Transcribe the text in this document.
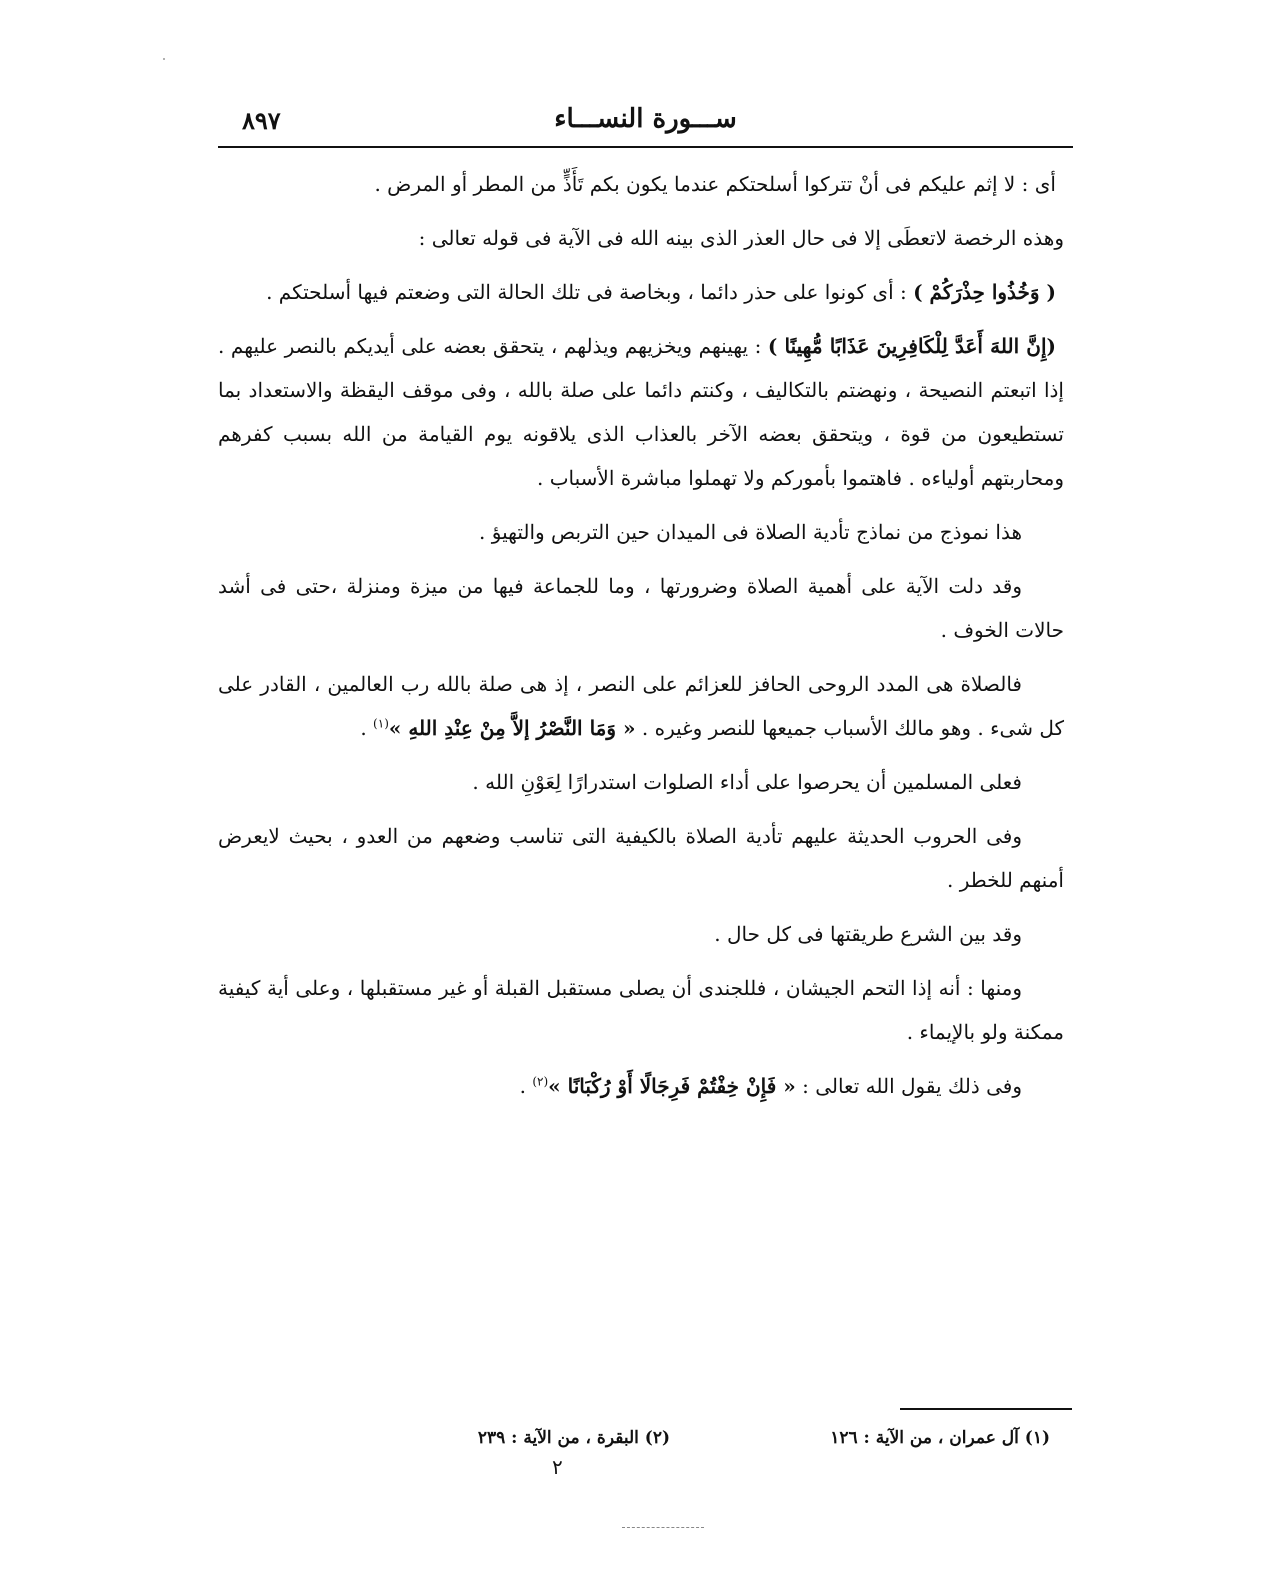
٨٩٧	ســـورة النســـاء

أى : لا إثم عليكم فى أنْ تتركوا أسلحتكم عندما يكون بكم تَأَذٍّ من المطر أو المرض .

وهذه الرخصة لاتعطَى إلا فى حال العذر الذى بينه الله فى الآية فى قوله تعالى :

( وَخُذُوا حِذْرَكُمْ ) : أى كونوا على حذر دائما ، وبخاصة فى تلك الحالة التى وضعتم فيها أسلحتكم .

(إِنَّ اللهَ أَعَدَّ لِلْكَافِرِينَ عَذَابًا مُّهِينًا ) : يهينهم ويخزيهم ويذلهم ، يتحقق بعضه على أيديكم بالنصر عليهم . إذا اتبعتم النصيحة ، ونهضتم بالتكاليف ، وكنتم دائما على صلة بالله ، وفى موقف اليقظة والاستعداد بما تستطيعون من قوة ، ويتحقق بعضه الآخر بالعذاب الذى يلاقونه يوم القيامة من الله بسبب كفرهم ومحاربتهم أولياءه . فاهتموا بأموركم ولا تهملوا مباشرة الأسباب .

هذا نموذج من نماذج تأدية الصلاة فى الميدان حين التربص والتهيؤ .

وقد دلت الآية على أهمية الصلاة وضرورتها ، وما للجماعة فيها من ميزة ومنزلة ،حتى فى أشد حالات الخوف .

فالصلاة هى المدد الروحى الحافز للعزائم على النصر ، إذ هى صلة بالله رب العالمين ، القادر على كل شىء . وهو مالك الأسباب جميعها للنصر وغيره . « وَمَا النَّصْرُ إلاَّ مِنْ عِنْدِ اللهِ »$^{(١)}$ .

فعلى المسلمين أن يحرصوا على أداء الصلوات استدرارًا لِعَوْنِ الله .

وفى الحروب الحديثة عليهم تأدية الصلاة بالكيفية التى تناسب وضعهم من العدو ، بحيث لايعرض أمنهم للخطر .

وقد بين الشرع طريقتها فى كل حال .

ومنها : أنه إذا التحم الجيشان ، فللجندى أن يصلى مستقبل القبلة أو غير مستقبلها ، وعلى أية كيفية ممكنة ولو بالإيماء .

وفى ذلك يقول الله تعالى : « فَإِنْ خِفْتُمْ فَرِجَالًا أَوْ رُكْبَانًا »$^{(٢)}$ .

(١) آل عمران ، من الآية : ١٢٦
(٢) البقرة ، من الآية : ٢٣٩
٢
